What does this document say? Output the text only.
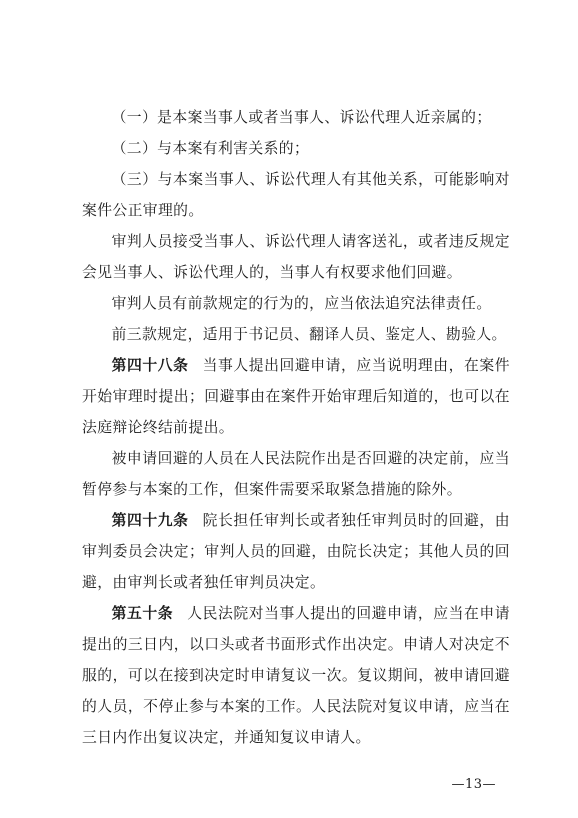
（一）是本案当事人或者当事人、诉讼代理人近亲属的；

（二）与本案有利害关系的；

（三）与本案当事人、诉讼代理人有其他关系，可能影响对案件公正审理的。

审判人员接受当事人、诉讼代理人请客送礼，或者违反规定会见当事人、诉讼代理人的，当事人有权要求他们回避。

审判人员有前款规定的行为的，应当依法追究法律责任。

前三款规定，适用于书记员、翻译人员、鉴定人、勘验人。

第四十八条 当事人提出回避申请，应当说明理由，在案件开始审理时提出；回避事由在案件开始审理后知道的，也可以在法庭辩论终结前提出。

被申请回避的人员在人民法院作出是否回避的决定前，应当暂停参与本案的工作，但案件需要采取紧急措施的除外。

第四十九条 院长担任审判长或者独任审判员时的回避，由审判委员会决定；审判人员的回避，由院长决定；其他人员的回避，由审判长或者独任审判员决定。

第五十条 人民法院对当事人提出的回避申请，应当在申请提出的三日内，以口头或者书面形式作出决定。申请人对决定不服的，可以在接到决定时申请复议一次。复议期间，被申请回避的人员，不停止参与本案的工作。人民法院对复议申请，应当在三日内作出复议决定，并通知复议申请人。

—13—
